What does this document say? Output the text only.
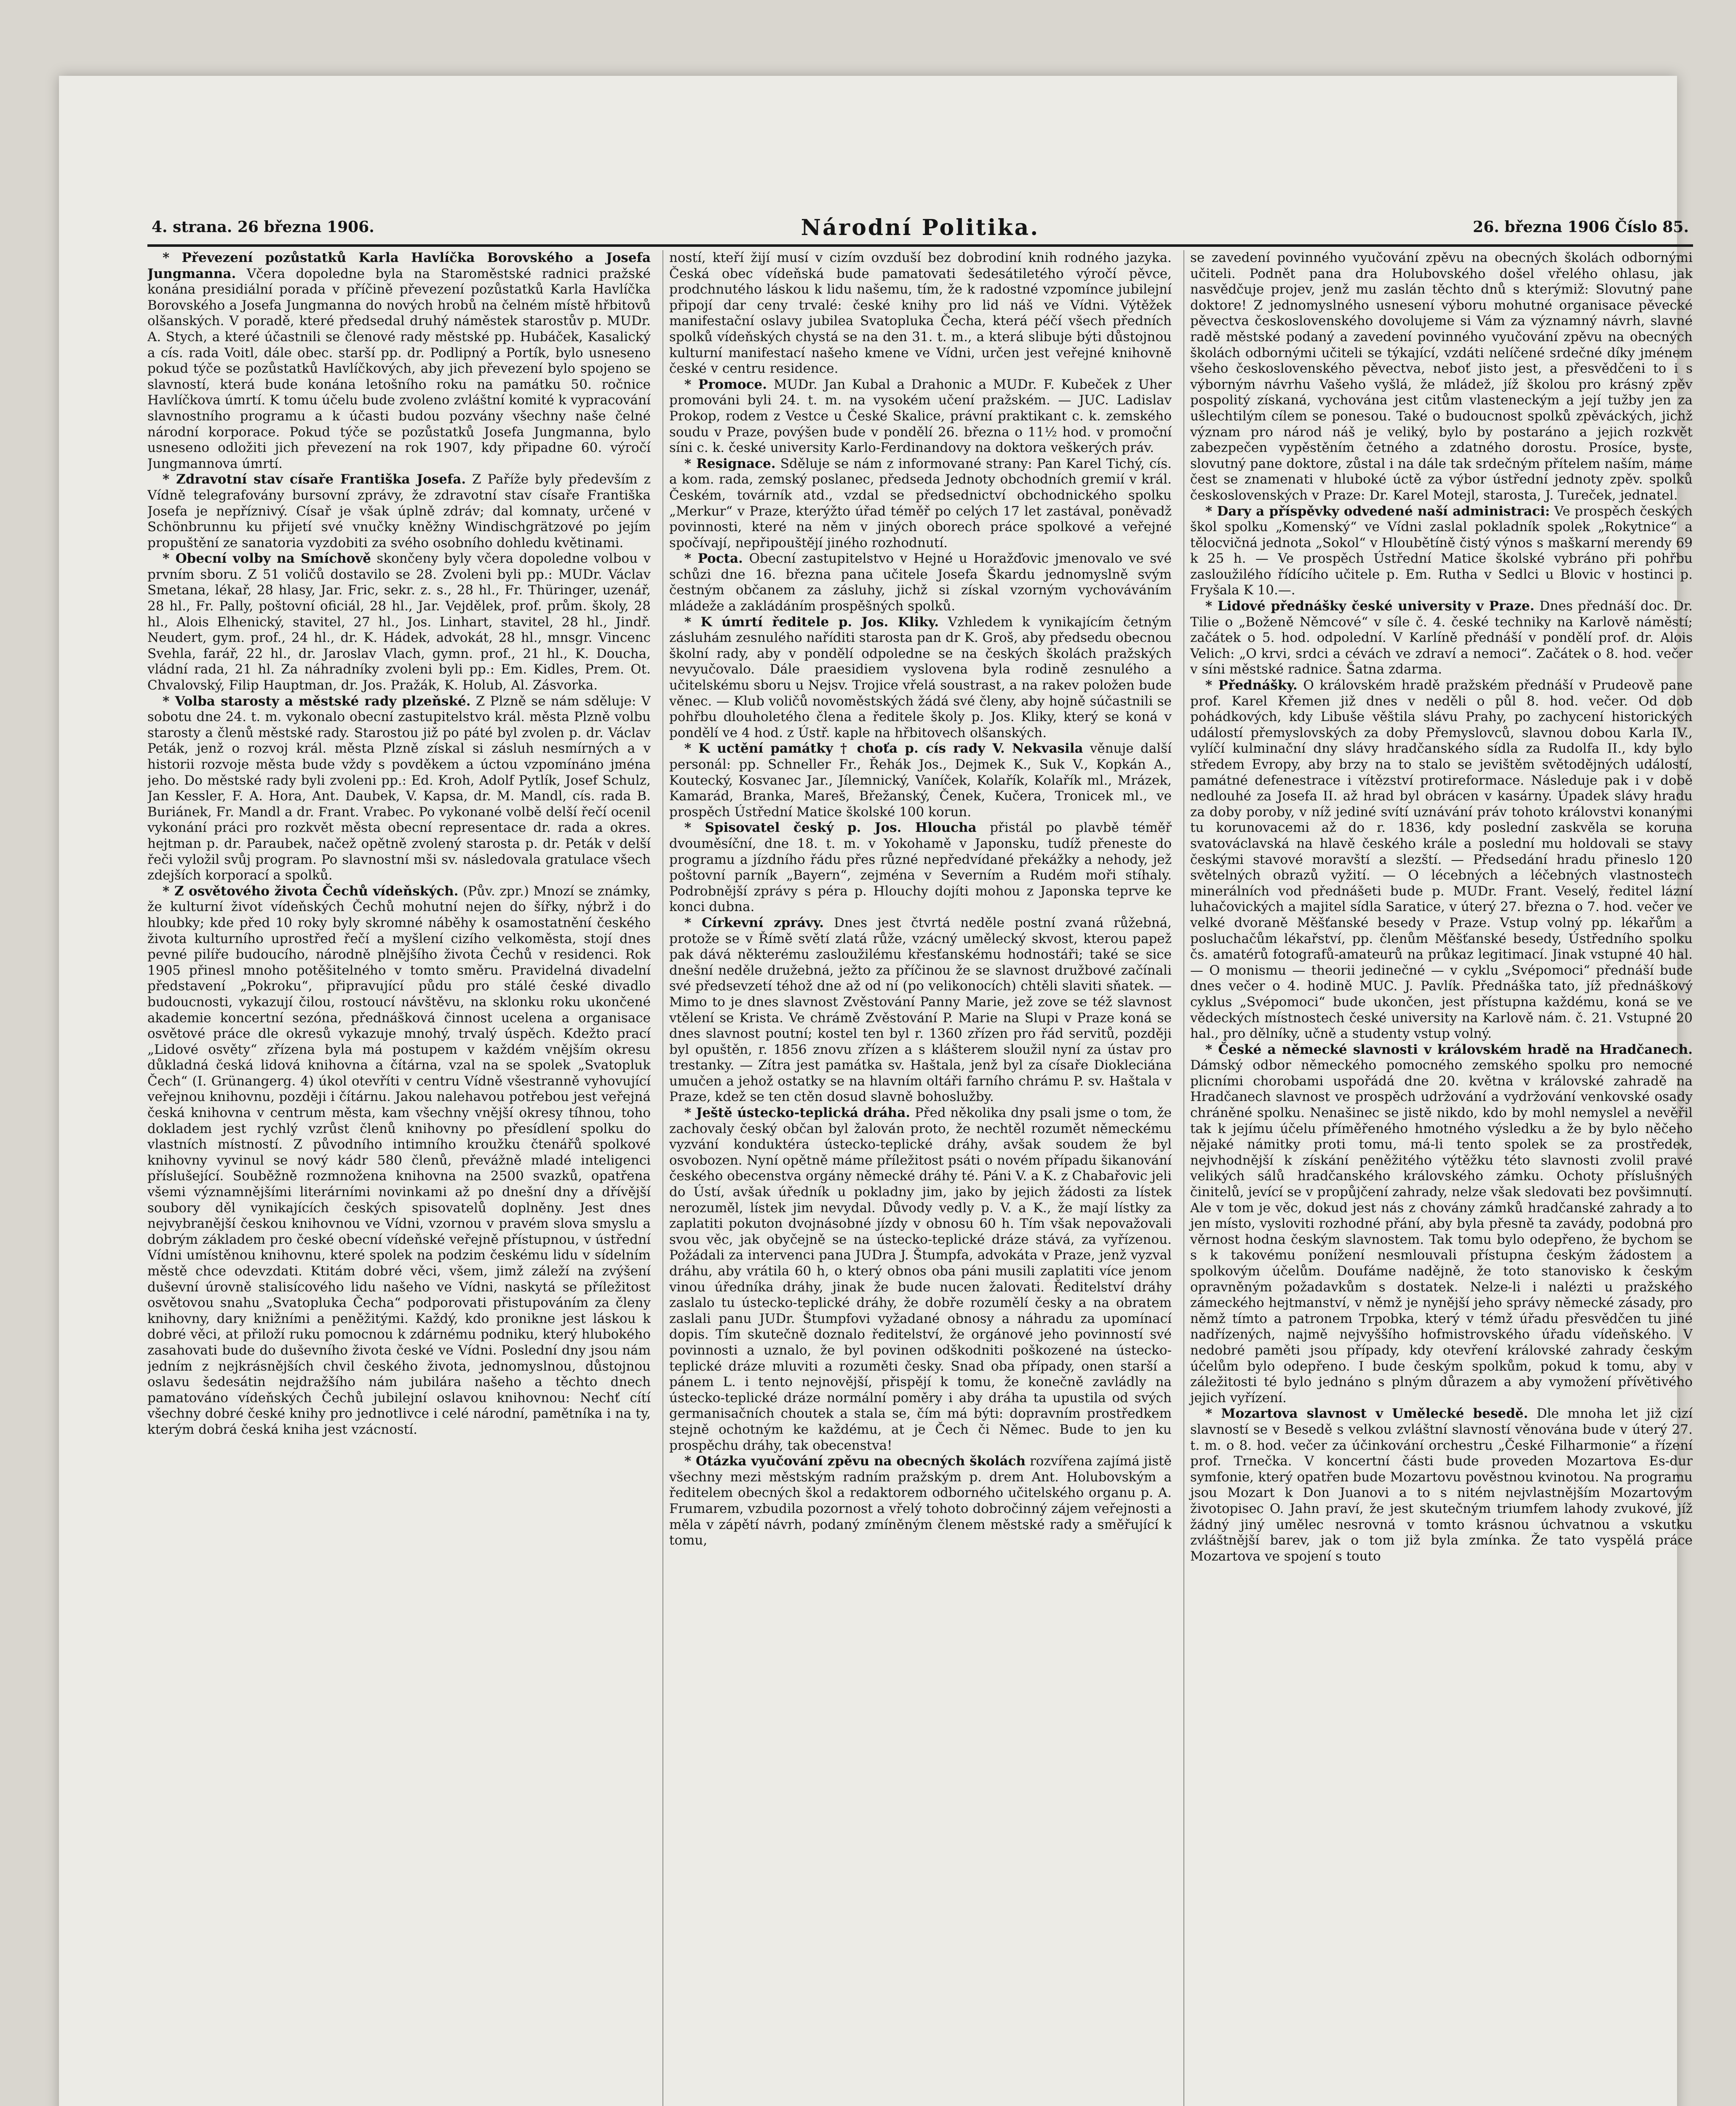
4. strana. 26 března 1906.	Národní Politika.	26. března 1906 Číslo 85.

* Převezení pozůstatků Karla Havlíčka Borovského a Josefa Jungmanna. Včera dopoledne byla na Staroměstské radnici pražské konána presidiální porada v příčině převezení pozůstatků Karla Havlíčka Borovského a Josefa Jungmanna do nových hrobů na čelném místě hřbitovů olšanských. V poradě, které předsedal druhý náměstek starostův p. MUDr. A. Stych, a které účastnili se členové rady městské pp. Hubáček, Kasalický a cís. rada Voitl, dále obec. starší pp. dr. Podlipný a Portík, bylo usneseno pokud týče se pozůstatků Havlíčkových, aby jich převezení bylo spojeno se slavností, která bude konána letošního roku na památku 50. ročnice Havlíčkova úmrtí. K tomu účelu bude zvoleno zvláštní komité k vypracování slavnostního programu a k účasti budou pozvány všechny naše čelné národní korporace. Pokud týče se pozůstatků Josefa Jungmanna, bylo usneseno odložiti jich převezení na rok 1907, kdy připadne 60. výročí Jungmannova úmrtí.

* Zdravotní stav císaře Františka Josefa. Z Paříže byly především z Vídně telegrafovány bursovní zprávy, že zdravotní stav císaře Františka Josefa je nepříznivý. Císař je však úplně zdráv; dal komnaty, určené v Schönbrunnu ku přijetí své vnučky kněžny Windischgrätzové po jejím propuštění ze sanatoria vyzdobiti za svého osobního dohledu květinami.

* Obecní volby na Smíchově skončeny byly včera dopoledne volbou v prvním sboru. Z 51 voličů dostavilo se 28. Zvoleni byli pp.: MUDr. Václav Smetana, lékař, 28 hlasy, Jar. Fric, sekr. z. s., 28 hl., Fr. Thüringer, uzenář, 28 hl., Fr. Pally, poštovní oficiál, 28 hl., Jar. Vejdělek, prof. prům. školy, 28 hl., Alois Elhenický, stavitel, 27 hl., Jos. Linhart, stavitel, 28 hl., Jindř. Neudert, gym. prof., 24 hl., dr. K. Hádek, advokát, 28 hl., mnsgr. Vincenc Svehla, farář, 22 hl., dr. Jaroslav Vlach, gymn. prof., 21 hl., K. Doucha, vládní rada, 21 hl. Za náhradníky zvoleni byli pp.: Em. Kidles, Prem. Ot. Chvalovský, Filip Hauptman, dr. Jos. Pražák, K. Holub, Al. Zásvorka.

* Volba starosty a městské rady plzeňské. Z Plzně se nám sděluje: V sobotu dne 24. t. m. vykonalo obecní zastupitelstvo král. města Plzně volbu starosty a členů městské rady. Starostou již po páté byl zvolen p. dr. Václav Peták, jenž o rozvoj král. města Plzně získal si zásluh nesmírných a v historii rozvoje města bude vždy s povděkem a úctou vzpomínáno jména jeho. Do městské rady byli zvoleni pp.: Ed. Kroh, Adolf Pytlík, Josef Schulz, Jan Kessler, F. A. Hora, Ant. Daubek, V. Kapsa, dr. M. Mandl, cís. rada B. Buriánek, Fr. Mandl a dr. Frant. Vrabec. Po vykonané volbě delší řečí ocenil vykonání práci pro rozkvět města obecní representace dr. rada a okres. hejtman p. dr. Paraubek, načež opětně zvolený starosta p. dr. Peták v delší řeči vyložil svůj program. Po slavnostní mši sv. následovala gratulace všech zdejších korporací a spolků.

* Z osvětového života Čechů vídeňských. (Pův. zpr.) Mnozí se známky, že kulturní život vídeňských Čechů mohutní nejen do šířky, nýbrž i do hloubky; kde před 10 roky byly skromné náběhy k osamostatnění českého života kulturního uprostřed řečí a myšlení cizího velkoměsta, stojí dnes pevné pilíře budoucího, národně plnějšího života Čechů v residenci. Rok 1905 přinesl mnoho potěšitelného v tomto směru. Pravidelná divadelní představení „Pokroku“, připravující půdu pro stálé české divadlo budoucnosti, vykazují čilou, rostoucí návštěvu, na sklonku roku ukončené akademie koncertní sezóna, přednášková činnost ucelena a organisace osvětové práce dle okresů vykazuje mnohý, trvalý úspěch. Kdežto prací „Lidové osvěty“ zřízena byla má postupem v každém vnějším okresu důkladná česká lidová knihovna a čítárna, vzal na se spolek „Svatopluk Čech“ (I. Grünangerg. 4) úkol otevříti v centru Vídně všestranně vyhovující veřejnou knihovnu, později i čítárnu. Jakou nalehavou potřebou jest veřejná česká knihovna v centrum města, kam všechny vnější okresy tíhnou, toho dokladem jest rychlý vzrůst členů knihovny po přesídlení spolku do vlastních místností. Z původního intimního kroužku čtenářů spolkové knihovny vyvinul se nový kádr 580 členů, převážně mladé inteligenci příslušející. Souběžně rozmnožena knihovna na 2500 svazků, opatřena všemi významnějšími literárními novinkami až po dnešní dny a dřívější soubory děl vynikajících českých spisovatelů doplněny. Jest dnes nejvybranější českou knihovnou ve Vídni, vzornou v pravém slova smyslu a dobrým základem pro české obecní vídeňské veřejně přístupnou, v ústřední Vídni umístěnou knihovnu, které spolek na podzim českému lidu v sídelním městě chce odevzdati. Ktitám dobré věci, všem, jimž záleží na zvýšení duševní úrovně stalisícového lidu našeho ve Vídni, naskytá se příležitost osvětovou snahu „Svatopluka Čecha“ podporovati přistupováním za členy knihovny, dary knižními a peněžitými. Každý, kdo pronikne jest láskou k dobré věci, at přiloží ruku pomocnou k zdárnému podniku, který hlubokého zasahovati bude do duševního života české ve Vídni. Poslední dny jsou nám jedním z nejkrásnějších chvil českého života, jednomyslnou, důstojnou oslavu šedesátin nejdražšího nám jubilára našeho a těchto dnech pamatováno vídeňských Čechů jubilejní oslavou knihovnou: Nechť cítí všechny dobré české knihy pro jednotlivce i celé národní, pamětníka i na ty, kterým dobrá česká kniha jest vzácností.

ností, kteří žijí musí v cizím ovzduší bez dobrodiní knih rodného jazyka. Česká obec vídeňská bude pamatovati šedesátiletého výročí pěvce, prodchnutého láskou k lidu našemu, tím, že k radostné vzpomínce jubilejní připojí dar ceny trvalé: české knihy pro lid náš ve Vídni. Výtěžek manifestační oslavy jubilea Svatopluka Čecha, která péčí všech předních spolků vídeňských chystá se na den 31. t. m., a která slibuje býti důstojnou kulturní manifestací našeho kmene ve Vídni, určen jest veřejné knihovně české v centru residence.

* Promoce. MUDr. Jan Kubal a Drahonic a MUDr. F. Kubeček z Uher promováni byli 24. t. m. na vysokém učení pražském. — JUC. Ladislav Prokop, rodem z Vestce u České Skalice, právní praktikant c. k. zemského soudu v Praze, povýšen bude v pondělí 26. března o 11½ hod. v promoční síni c. k. české university Karlo-Ferdinandovy na doktora veškerých práv.

* Resignace. Sděluje se nám z informované strany: Pan Karel Tichý, cís. a kom. rada, zemský poslanec, předseda Jednoty obchodních gremií v král. Českém, továrník atd., vzdal se předsednictví obchodnického spolku „Merkur“ v Praze, kterýžto úřad téměř po celých 17 let zastával, poněvadž povinnosti, které na něm v jiných oborech práce spolkové a veřejné spočívají, nepřipouštějí jiného rozhodnutí.

* Pocta. Obecní zastupitelstvo v Hejné u Horažďovic jmenovalo ve své schůzi dne 16. března pana učitele Josefa Škardu jednomyslně svým čestným občanem za zásluhy, jichž si získal vzorným vychováváním mládeže a zakládáním prospěšných spolků.

* K úmrtí ředitele p. Jos. Kliky. Vzhledem k vynikajícím četným zásluhám zesnulého naříditi starosta pan dr K. Groš, aby předsedu obecnou školní rady, aby v pondělí odpoledne se na českých školách pražských nevyučovalo. Dále praesidiem vyslovena byla rodině zesnulého a učitelskému sboru u Nejsv. Trojice vřelá soustrast, a na rakev položen bude věnec. — Klub voličů novoměstských žádá své členy, aby hojně súčastnili se pohřbu dlouholetého člena a ředitele školy p. Jos. Kliky, který se koná v pondělí ve 4 hod. z Ústř. kaple na hřbitovech olšanských.

* K uctění památky † choťa p. cís rady V. Nekvasila věnuje další personál: pp. Schneller Fr., Řehák Jos., Dejmek K., Suk V., Kopkán A., Koutecký, Kosvanec Jar., Jílemnický, Vaníček, Kolařík, Kolařík ml., Mrázek, Kamarád, Branka, Mareš, Břežanský, Čenek, Kučera, Tronicek ml., ve prospěch Ústřední Matice školské 100 korun.

* Spisovatel český p. Jos. Hloucha přistál po plavbě téměř dvouměsíční, dne 18. t. m. v Yokohamě v Japonsku, tudíž přeneste do programu a jízdního řádu přes různé nepředvídané překážky a nehody, jež poštovní parník „Bayern“, zejména v Severním a Rudém moři stíhaly. Podrobnější zprávy s péra p. Hlouchy dojíti mohou z Japonska teprve ke konci dubna.

* Církevní zprávy. Dnes jest čtvrtá neděle postní zvaná růžebná, protože se v Římě světí zlatá růže, vzácný umělecký skvost, kterou papež pak dává některému zasloužilému křesťanskému hodnostáři; také se sice dnešní neděle družebná, ježto za příčinou že se slavnost družbové začínali své předsevzetí téhož dne až od ní (po velikonocích) chtěli slaviti sňatek. — Mimo to je dnes slavnost Zvěstování Panny Marie, jež zove se též slavnost vtělení se Krista. Ve chrámě Zvěstování P. Marie na Slupi v Praze koná se dnes slavnost poutní; kostel ten byl r. 1360 zřízen pro řád servitů, později byl opuštěn, r. 1856 znovu zřízen a s klášterem sloužil nyní za ústav pro trestanky. — Zítra jest památka sv. Haštala, jenž byl za císaře Diokleciána umučen a jehož ostatky se na hlavním oltáři farního chrámu P. sv. Haštala v Praze, kdež se ten ctěn dosud slavně bohoslužby.

* Ještě ústecko-teplická dráha. Před několika dny psali jsme o tom, že zachovaly český občan byl žalován proto, že nechtěl rozumět německému vyzvání konduktéra ústecko-teplické dráhy, avšak soudem že byl osvobozen. Nyní opětně máme příležitost psáti o novém případu šikanování českého obecenstva orgány německé dráhy té. Páni V. a K. z Chabařovic jeli do Ústí, avšak úředník u pokladny jim, jako by jejich žádosti za lístek nerozuměl, lístek jim nevydal. Důvody vedly p. V. a K., že mají lístky za zaplatiti pokuton dvojnásobné jízdy v obnosu 60 h. Tím však nepovažovali svou věc, jak obyčejně se na ústecko-teplické dráze stává, za vyřízenou. Požádali za intervenci pana JUDra J. Štumpfa, advokáta v Praze, jenž vyzval dráhu, aby vrátila 60 h, o který obnos oba páni musili zaplatiti více jenom vinou úředníka dráhy, jinak že bude nucen žalovati. Ředitelství dráhy zaslalo tu ústecko-teplické dráhy, že dobře rozumělí česky a na obratem zaslali panu JUDr. Štumpfovi vyžadané obnosy a náhradu za upomínací dopis. Tím skutečně doznalo ředitelství, že orgánové jeho povinností své povinnosti a uznalo, že byl povinen odškodniti poškozené na ústecko-teplické dráze mluviti a rozuměti česky. Snad oba případy, onen starší a pánem L. i tento nejnovější, přispějí k tomu, že konečně zavládly na ústecko-teplické dráze normální poměry i aby dráha ta upustila od svých germanisačních choutek a stala se, čím má býti: dopravním prostředkem stejně ochotným ke každému, at je Čech či Němec. Bude to jen ku prospěchu dráhy, tak obecenstva!

* Otázka vyučování zpěvu na obecných školách rozvířena zajímá jistě všechny mezi městským radním pražským p. drem Ant. Holubovským a ředitelem obecných škol a redaktorem odborného učitelského organu p. A. Frumarem, vzbudila pozornost a vřelý tohoto dobročinný zájem veřejnosti a měla v zápětí návrh, podaný zmíněným členem městské rady a směřující k tomu,

se zavedení povinného vyučování zpěvu na obecných školách odbornými učiteli. Podnět pana dra Holubovského došel vřelého ohlasu, jak nasvědčuje projev, jenž mu zaslán těchto dnů s kterýmiž: Slovutný pane doktore! Z jednomyslného usnesení výboru mohutné organisace pěvecké pěvectva československého dovolujeme si Vám za významný návrh, slavné radě městské podaný a zavedení povinného vyučování zpěvu na obecných školách odbornými učiteli se týkající, vzdáti nelíčené srdečné díky jménem všeho československého pěvectva, neboť jisto jest, a přesvědčeni to i s výborným návrhu Vašeho vyšlá, že mládež, jíž školou pro krásný zpěv pospolitý získaná, vychována jest citům vlasteneckým a její tužby jen za ušlechtilým cílem se ponesou. Také o budoucnost spolků zpěváckých, jichž význam pro národ náš je veliký, bylo by postaráno a jejich rozkvět zabezpečen vypěstěním četného a zdatného dorostu. Prosíce, byste, slovutný pane doktore, zůstal i na dále tak srdečným přítelem naším, máme čest se znamenati v hluboké úctě za výbor ústřední jednoty zpěv. spolků československých v Praze: Dr. Karel Motejl, starosta, J. Tureček, jednatel.

* Dary a příspěvky odvedené naší administraci: Ve prospěch českých škol spolku „Komenský“ ve Vídni zaslal pokladník spolek „Rokytnice“ a tělocvičná jednota „Sokol“ v Hloubětíně čistý výnos s maškarní merendy 69 k 25 h. — Ve prospěch Ústřední Matice školské vybráno při pohřbu zasloužilého řídícího učitele p. Em. Rutha v Sedlci u Blovic v hostinci p. Fryšala K 10.—.

* Lidové přednášky české university v Praze. Dnes přednáší doc. Dr. Tilie o „Boženě Němcové“ v síle č. 4. české techniky na Karlově náměstí; začátek o 5. hod. odpolední. V Karlíně přednáší v pondělí prof. dr. Alois Velich: „O krvi, srdci a cévách ve zdraví a nemoci“. Začátek o 8. hod. večer v síni městské radnice. Šatna zdarma.

* Přednášky. O královském hradě pražském přednáší v Prudeově pane prof. Karel Křemen již dnes v neděli o půl 8. hod. večer. Od dob pohádkových, kdy Libuše věštila slávu Prahy, po zachycení historických událostí přemyslovských za doby Přemyslovců, slavnou dobou Karla IV., vylíčí kulminační dny slávy hradčanského sídla za Rudolfa II., kdy bylo středem Evropy, aby brzy na to stalo se jevištěm světodějných událostí, památné defenestrace i vítězství protireformace. Následuje pak i v době nedlouhé za Josefa II. až hrad byl obrácen v kasárny. Úpadek slávy hradu za doby poroby, v níž jediné svítí uznávání práv tohoto královstvi konanými tu korunovacemi až do r. 1836, kdy poslední zaskvěla se koruna svatováclavská na hlavě českého krále a poslední mu holdovali se stavy českými stavové moravští a slezští. — Předsedání hradu přineslo 120 světelných obrazů vyžití. — O lécebných a léčebných vlastnostech minerálních vod přednášeti bude p. MUDr. Frant. Veselý, ředitel lázní luhačovických a majitel sídla Saratice, v úterý 27. března o 7. hod. večer ve velké dvoraně Měšťanské besedy v Praze. Vstup volný pp. lékařům a posluchačům lékařství, pp. členům Měšťanské besedy, Ústředního spolku čs. amatérů fotografů-amateurů na průkaz legitimací. Jinak vstupné 40 hal. — O monismu — theorii jedinečné — v cyklu „Svépomoci“ přednáší bude dnes večer o 4. hodině MUC. J. Pavlík. Přednáška tato, jíž přednáškový cyklus „Svépomoci“ bude ukončen, jest přístupna každému, koná se ve vědeckých místnostech české university na Karlově nám. č. 21. Vstupné 20 hal., pro dělníky, učně a studenty vstup volný.

* České a německé slavnosti v královském hradě na Hradčanech. Dámský odbor německého pomocného zemského spolku pro nemocné plicními chorobami uspořádá dne 20. května v královské zahradě na Hradčanech slavnost ve prospěch udržování a vydržování venkovské osady chráněné spolku. Nenašinec se jistě nikdo, kdo by mohl nemyslel a nevěřil tak k jejímu účelu příměřeného hmotného výsledku a že by bylo něčeho nějaké námitky proti tomu, má-li tento spolek se za prostředek, nejvhodnější k získání peněžitého výtěžku této slavnosti zvolil pravé velikých sálů hradčanského královského zámku. Ochoty příslušných činitelů, jevící se v propůjčení zahrady, nelze však sledovati bez povšimnutí. Ale v tom je věc, dokud jest nás z chovány zámků hradčanské zahrady a to jen místo, vysloviti rozhodné přání, aby byla přesně ta zavády, podobná pro věrnost hodna českým slavnostem. Tak tomu bylo odepřeno, že bychom se s k takovému ponížení nesmlouvali přístupna českým žádostem a spolkovým účelům. Doufáme nadějně, že toto stanovisko k českým opravněným požadavkům s dostatek. Nelze-li i nalézti u pražského zámeckého hejtmanství, v němž je nynější jeho správy německé zásady, pro němž tímto a patronem Trpobka, který v témž úřadu přesvědčen tu jiné nadřízených, najmě nejvyššího hofmistrovského úřadu vídeňského. V nedobré paměti jsou případy, kdy otevření královské zahrady českým účelům bylo odepřeno. I bude českým spolkům, pokud k tomu, aby v záležitosti té bylo jednáno s plným důrazem a aby vymožení přívětivého jejich vyřízení.

* Mozartova slavnost v Umělecké besedě. Dle mnoha let již cizí slavností se v Besedě s velkou zvláštní slavností věnována bude v úterý 27. t. m. o 8. hod. večer za účinkování orchestru „České Filharmonie“ a řízení prof. Trnečka. V koncertní části bude proveden Mozartova Es-dur symfonie, který opatřen bude Mozartovu pověstnou kvinotou. Na programu jsou Mozart k Don Juanovi a to s nitém nejvlastnějším Mozartovým životopisec O. Jahn praví, že jest skutečným triumfem lahody zvukové, jíž žádný jiný umělec nesrovná v tomto krásnou úchvatnou a vskutku zvláštnější barev, jak o tom již byla zmínka. Že tato vyspělá práce Mozartova ve spojení s touto
